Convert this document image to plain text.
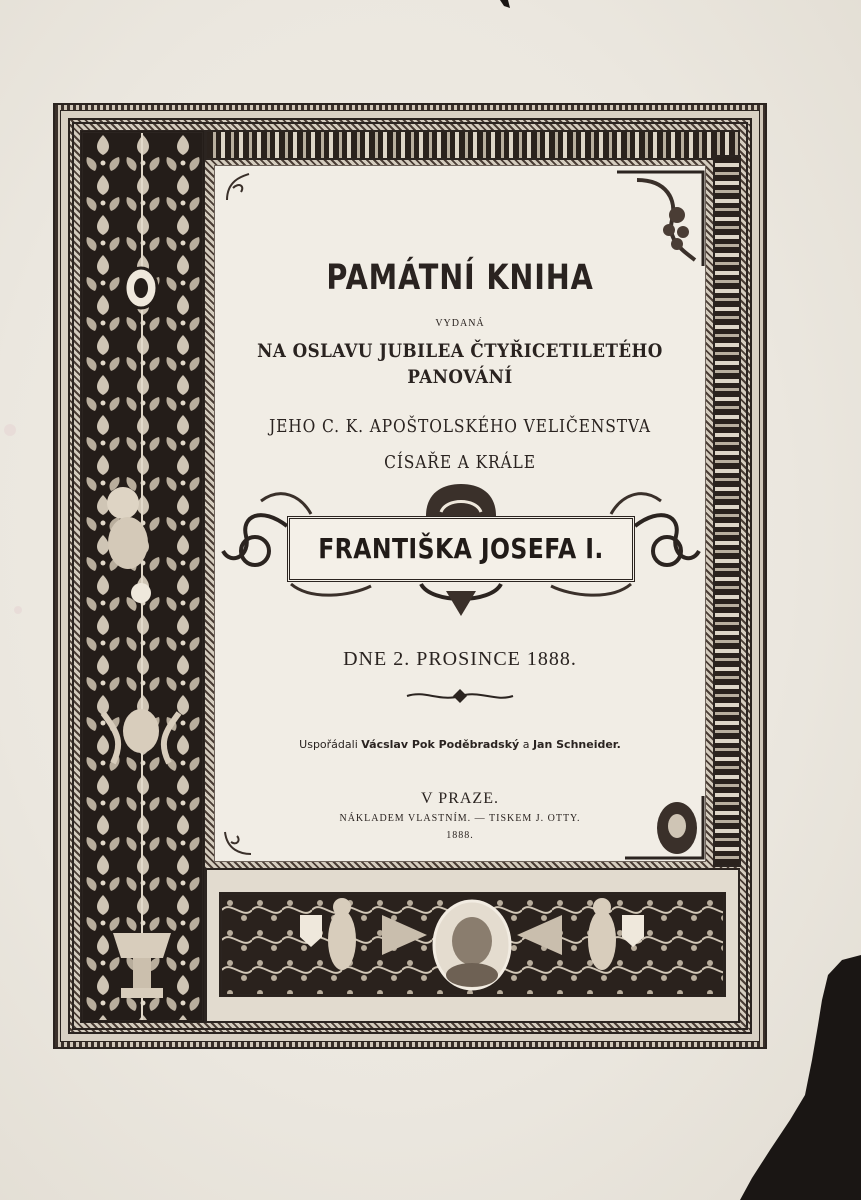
PAMÁTNÍ KNIHA
VYDANÁ
NA OSLAVU JUBILEA ČTYŘICETILETÉHO
PANOVÁNÍ
JEHO C. K. APOŠTOLSKÉHO VELIČENSTVA
CÍSAŘE A KRÁLE
FRANTIŠKA JOSEFA I.
DNE 2. PROSINCE 1888.
Uspořádali Vácslav Pok Poděbradský a Jan Schneider.
V PRAZE.
NÁKLADEM VLASTNÍM. — TISKEM J. OTTY.
1888.
